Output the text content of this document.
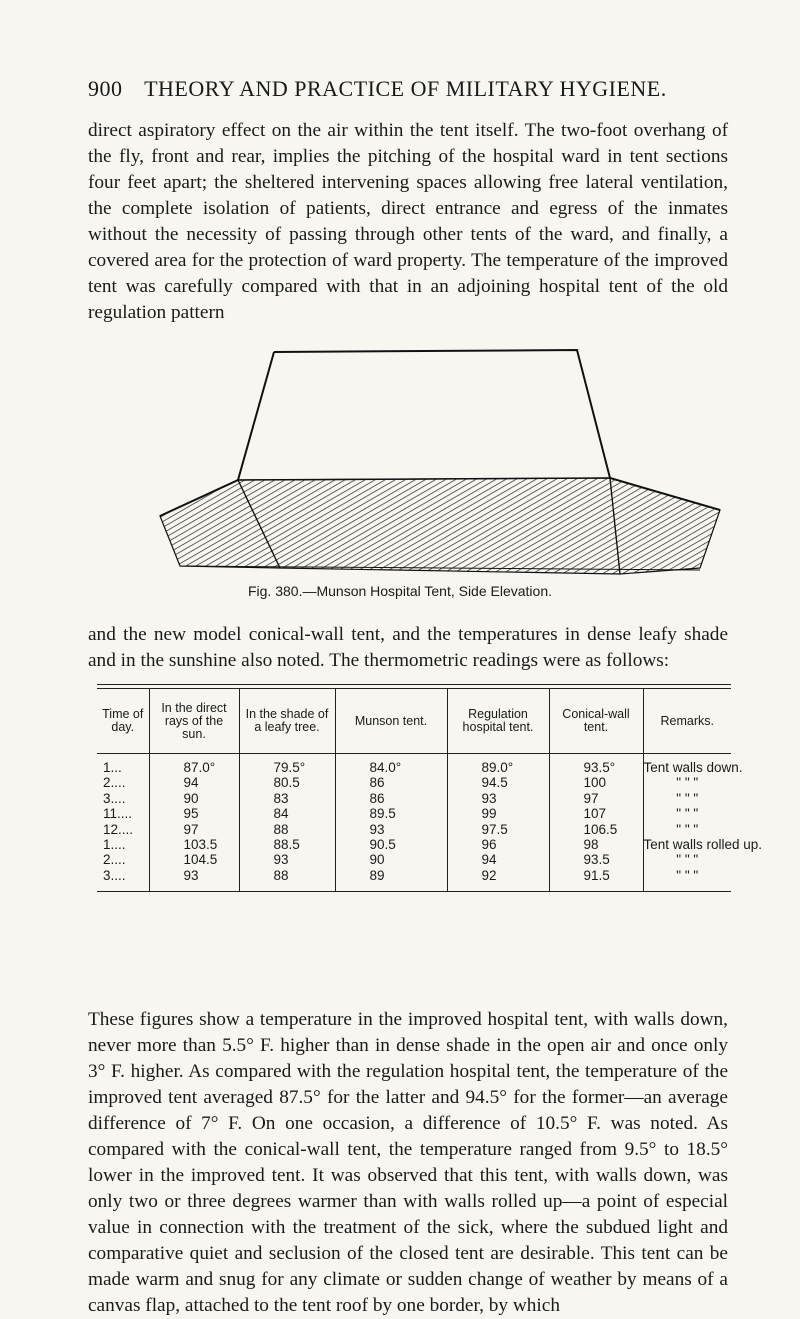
900 THEORY AND PRACTICE OF MILITARY HYGIENE.
direct aspiratory effect on the air within the tent itself. The two-foot overhang of the fly, front and rear, implies the pitching of the hospital ward in tent sections four feet apart; the sheltered intervening spaces allowing free lateral ventilation, the complete isolation of patients, direct entrance and egress of the inmates without the necessity of passing through other tents of the ward, and finally, a covered area for the protection of ward property. The temperature of the improved tent was carefully compared with that in an adjoining hospital tent of the old regulation pattern
Fig. 380.—Munson Hospital Tent, Side Elevation.
and the new model conical-wall tent, and the temperatures in dense leafy shade and in the sunshine also noted. The thermometric readings were as follows:
Time of day.	In the direct rays of the sun.	In the shade of a leafy tree.	Munson tent.	Regulation hospital tent.	Conical-wall tent.	Remarks.
1...	87.0°	79.5°	84.0°	89.0°	93.5°	Tent walls down.
2....	94	80.5	86	94.5	100	" " "
3....	90	83	86	93	97	" " "
11....	95	84	89.5	99	107	" " "
12....	97	88	93	97.5	106.5	" " "
1....	103.5	88.5	90.5	96	98	Tent walls rolled up.
2....	104.5	93	90	94	93.5	" " "
3....	93	88	89	92	91.5	" " "
These figures show a temperature in the improved hospital tent, with walls down, never more than 5.5° F. higher than in dense shade in the open air and once only 3° F. higher. As compared with the regulation hospital tent, the temperature of the improved tent averaged 87.5° for the latter and 94.5° for the former—an average difference of 7° F. On one occasion, a difference of 10.5° F. was noted. As compared with the conical-wall tent, the temperature ranged from 9.5° to 18.5° lower in the improved tent. It was observed that this tent, with walls down, was only two or three degrees warmer than with walls rolled up—a point of especial value in connection with the treatment of the sick, where the subdued light and comparative quiet and seclusion of the closed tent are desirable. This tent can be made warm and snug for any climate or sudden change of weather by means of a canvas flap, attached to the tent roof by one border, by which
